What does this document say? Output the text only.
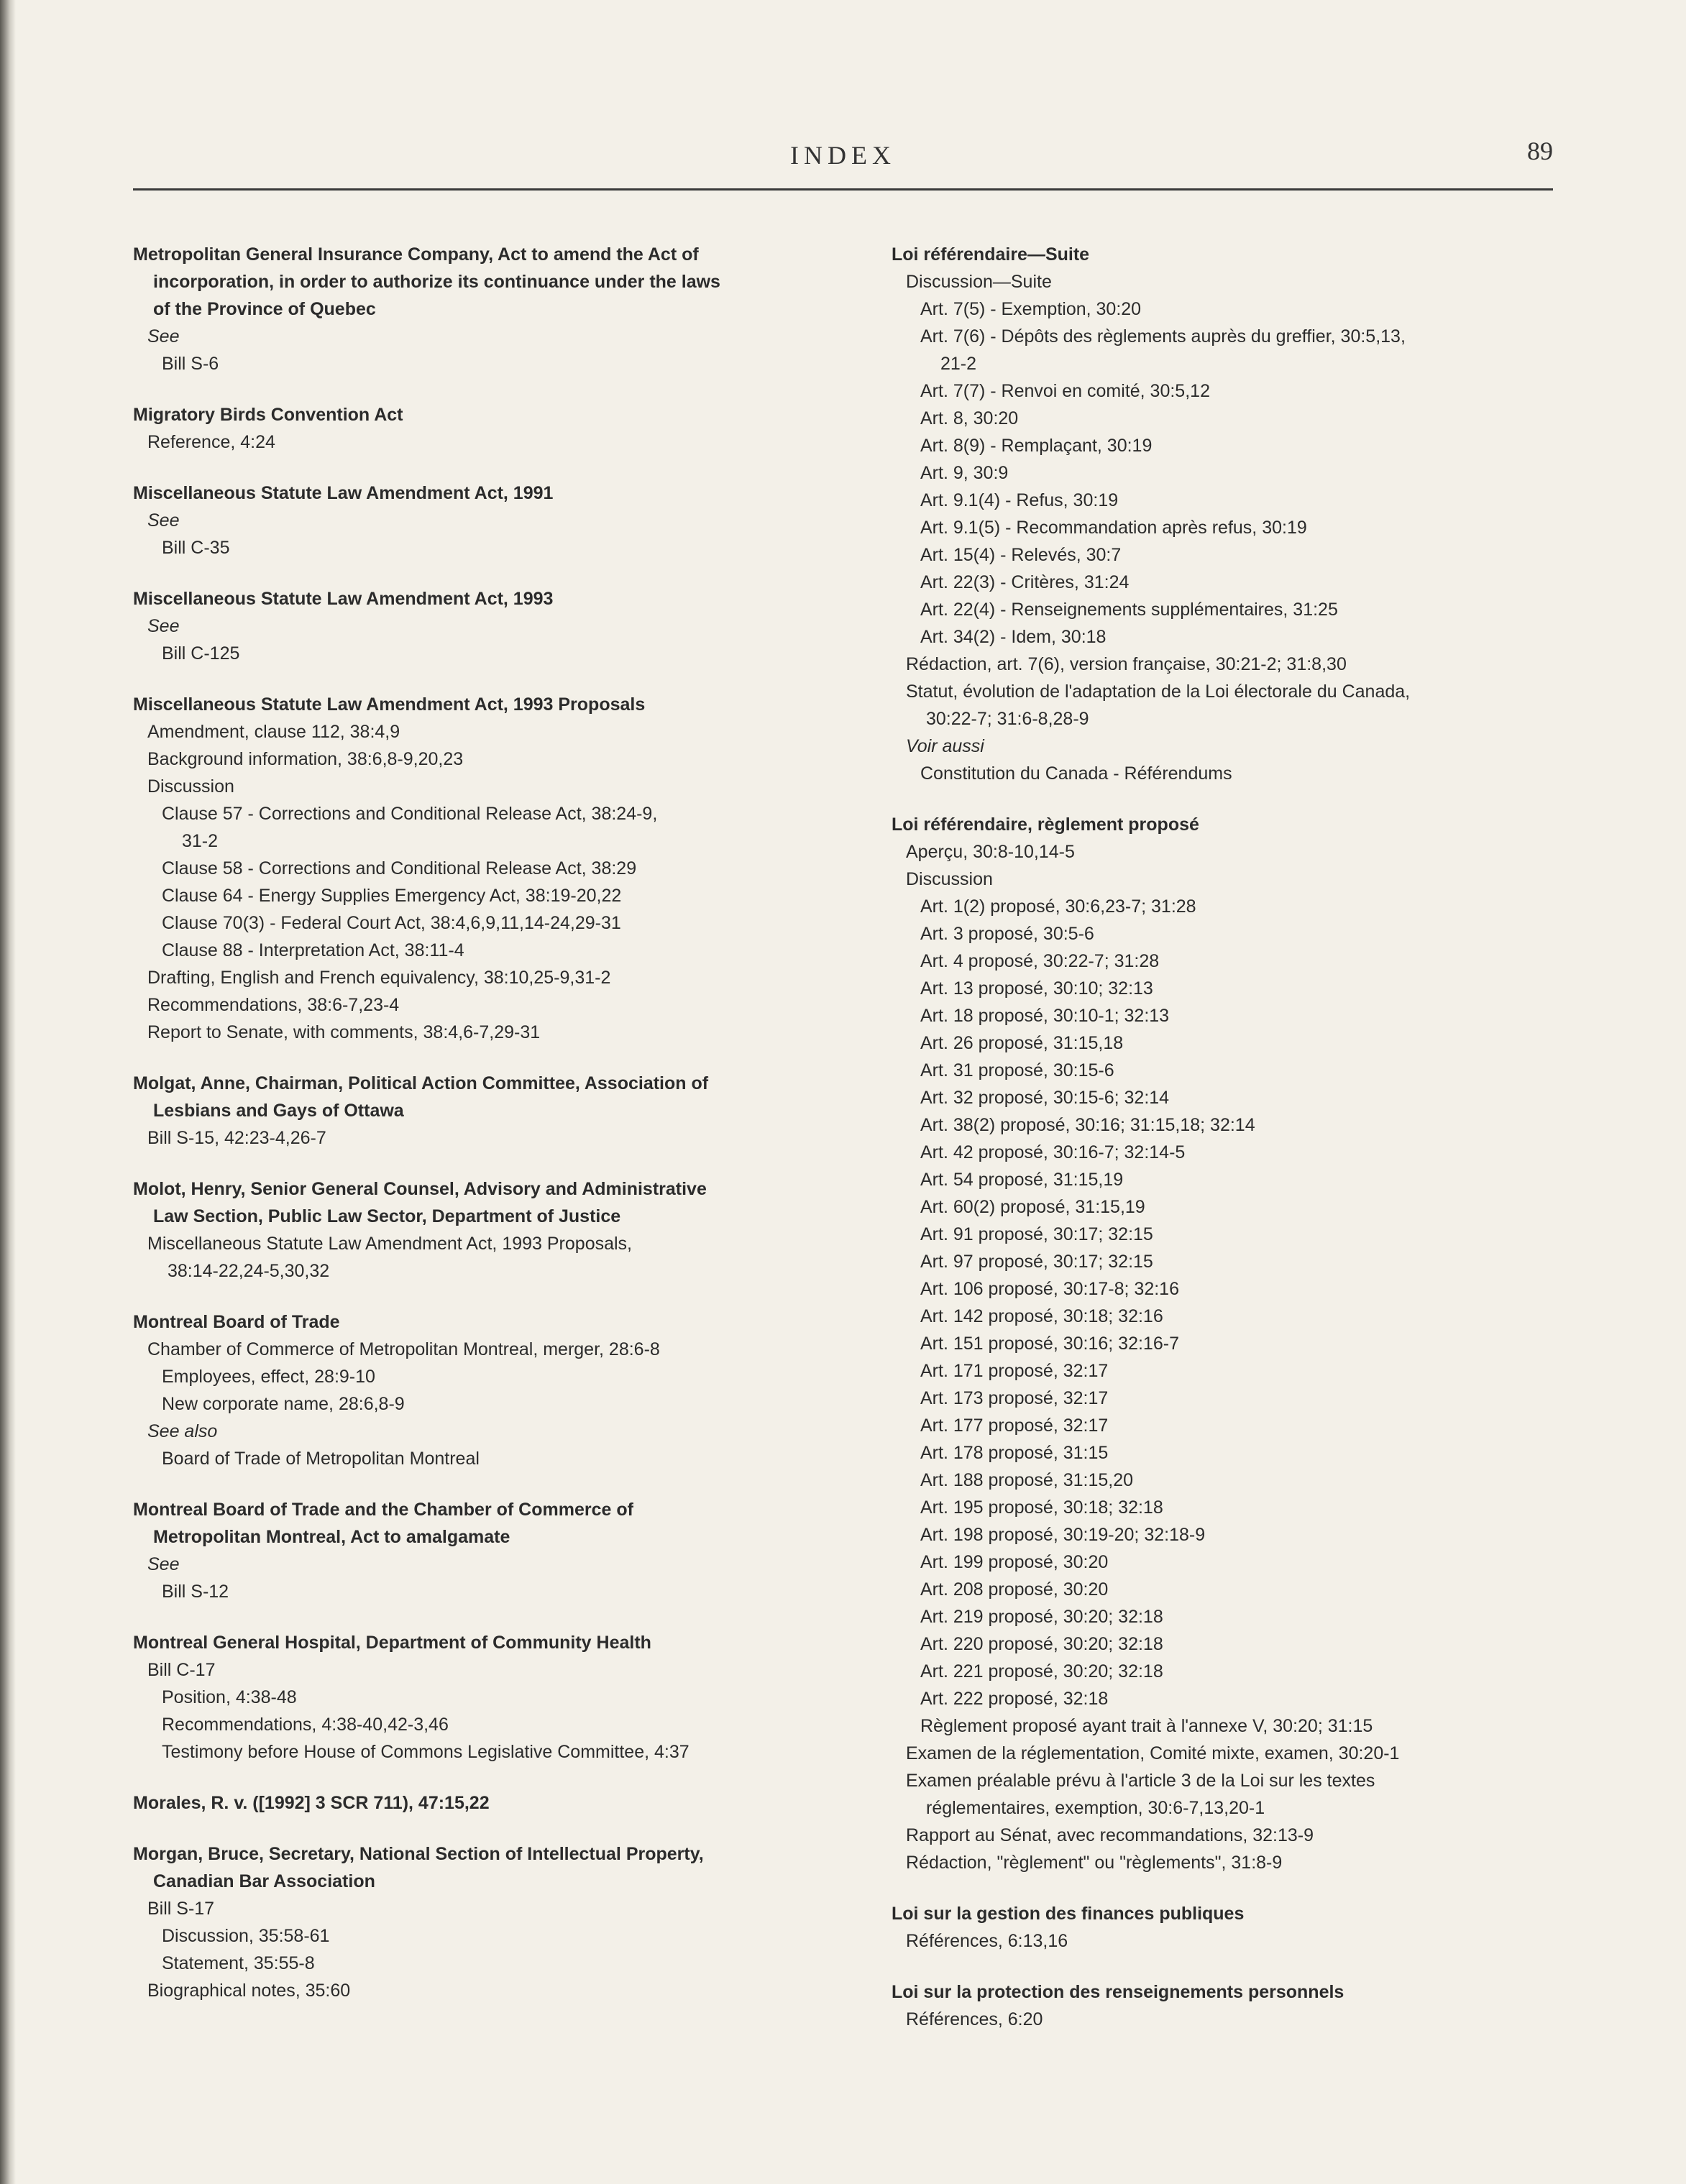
INDEX	89

Metropolitan General Insurance Company, Act to amend the Act of

incorporation, in order to authorize its continuance under the laws

of the Province of Quebec

See

Bill S-6

Migratory Birds Convention Act

Reference, 4:24

Miscellaneous Statute Law Amendment Act, 1991

See

Bill C-35

Miscellaneous Statute Law Amendment Act, 1993

See

Bill C-125

Miscellaneous Statute Law Amendment Act, 1993 Proposals

Amendment, clause 112, 38:4,9

Background information, 38:6,8-9,20,23

Discussion

Clause 57 - Corrections and Conditional Release Act, 38:24-9,

31-2

Clause 58 - Corrections and Conditional Release Act, 38:29

Clause 64 - Energy Supplies Emergency Act, 38:19-20,22

Clause 70(3) - Federal Court Act, 38:4,6,9,11,14-24,29-31

Clause 88 - Interpretation Act, 38:11-4

Drafting, English and French equivalency, 38:10,25-9,31-2

Recommendations, 38:6-7,23-4

Report to Senate, with comments, 38:4,6-7,29-31

Molgat, Anne, Chairman, Political Action Committee, Association of

Lesbians and Gays of Ottawa

Bill S-15, 42:23-4,26-7

Molot, Henry, Senior General Counsel, Advisory and Administrative

Law Section, Public Law Sector, Department of Justice

Miscellaneous Statute Law Amendment Act, 1993 Proposals,

38:14-22,24-5,30,32

Montreal Board of Trade

Chamber of Commerce of Metropolitan Montreal, merger, 28:6-8

Employees, effect, 28:9-10

New corporate name, 28:6,8-9

See also

Board of Trade of Metropolitan Montreal

Montreal Board of Trade and the Chamber of Commerce of

Metropolitan Montreal, Act to amalgamate

See

Bill S-12

Montreal General Hospital, Department of Community Health

Bill C-17

Position, 4:38-48

Recommendations, 4:38-40,42-3,46

Testimony before House of Commons Legislative Committee, 4:37

Morales, R. v. ([1992] 3 SCR 711), 47:15,22

Morgan, Bruce, Secretary, National Section of Intellectual Property,

Canadian Bar Association

Bill S-17

Discussion, 35:58-61

Statement, 35:55-8

Biographical notes, 35:60

Loi référendaire—Suite

Discussion—Suite

Art. 7(5) - Exemption, 30:20

Art. 7(6) - Dépôts des règlements auprès du greffier, 30:5,13,

21-2

Art. 7(7) - Renvoi en comité, 30:5,12

Art. 8, 30:20

Art. 8(9) - Remplaçant, 30:19

Art. 9, 30:9

Art. 9.1(4) - Refus, 30:19

Art. 9.1(5) - Recommandation après refus, 30:19

Art. 15(4) - Relevés, 30:7

Art. 22(3) - Critères, 31:24

Art. 22(4) - Renseignements supplémentaires, 31:25

Art. 34(2) - Idem, 30:18

Rédaction, art. 7(6), version française, 30:21-2; 31:8,30

Statut, évolution de l'adaptation de la Loi électorale du Canada,

30:22-7; 31:6-8,28-9

Voir aussi

Constitution du Canada - Référendums

Loi référendaire, règlement proposé

Aperçu, 30:8-10,14-5

Discussion

Art. 1(2) proposé, 30:6,23-7; 31:28

Art. 3 proposé, 30:5-6

Art. 4 proposé, 30:22-7; 31:28

Art. 13 proposé, 30:10; 32:13

Art. 18 proposé, 30:10-1; 32:13

Art. 26 proposé, 31:15,18

Art. 31 proposé, 30:15-6

Art. 32 proposé, 30:15-6; 32:14

Art. 38(2) proposé, 30:16; 31:15,18; 32:14

Art. 42 proposé, 30:16-7; 32:14-5

Art. 54 proposé, 31:15,19

Art. 60(2) proposé, 31:15,19

Art. 91 proposé, 30:17; 32:15

Art. 97 proposé, 30:17; 32:15

Art. 106 proposé, 30:17-8; 32:16

Art. 142 proposé, 30:18; 32:16

Art. 151 proposé, 30:16; 32:16-7

Art. 171 proposé, 32:17

Art. 173 proposé, 32:17

Art. 177 proposé, 32:17

Art. 178 proposé, 31:15

Art. 188 proposé, 31:15,20

Art. 195 proposé, 30:18; 32:18

Art. 198 proposé, 30:19-20; 32:18-9

Art. 199 proposé, 30:20

Art. 208 proposé, 30:20

Art. 219 proposé, 30:20; 32:18

Art. 220 proposé, 30:20; 32:18

Art. 221 proposé, 30:20; 32:18

Art. 222 proposé, 32:18

Règlement proposé ayant trait à l'annexe V, 30:20; 31:15

Examen de la réglementation, Comité mixte, examen, 30:20-1

Examen préalable prévu à l'article 3 de la Loi sur les textes

réglementaires, exemption, 30:6-7,13,20-1

Rapport au Sénat, avec recommandations, 32:13-9

Rédaction, "règlement" ou "règlements", 31:8-9

Loi sur la gestion des finances publiques

Références, 6:13,16

Loi sur la protection des renseignements personnels

Références, 6:20
